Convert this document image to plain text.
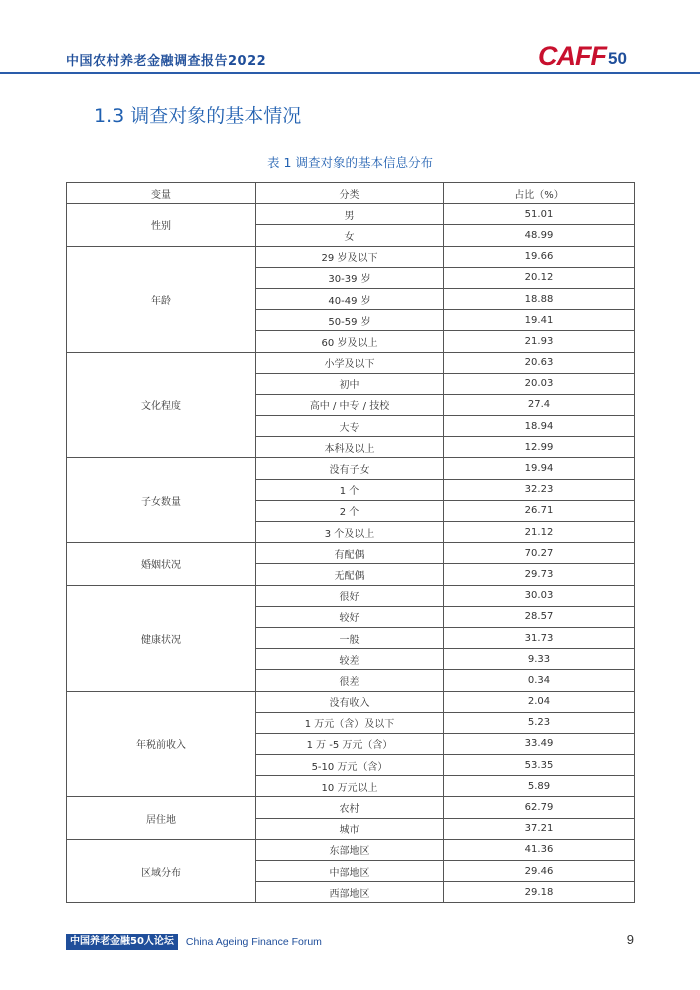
中国农村养老金融调查报告2022	CAFF 50
1.3 调查对象的基本情况
表 1 调查对象的基本信息分布
变量	分类	占比（%）
性别	男	51.01
	女	48.99
年龄	29 岁及以下	19.66
	30-39 岁	20.12
	40-49 岁	18.88
	50-59 岁	19.41
	60 岁及以上	21.93
文化程度	小学及以下	20.63
	初中	20.03
	高中 / 中专 / 技校	27.4
	大专	18.94
	本科及以上	12.99
子女数量	没有子女	19.94
	1 个	32.23
	2 个	26.71
	3 个及以上	21.12
婚姻状况	有配偶	70.27
	无配偶	29.73
健康状况	很好	30.03
	较好	28.57
	一般	31.73
	较差	9.33
	很差	0.34
年税前收入	没有收入	2.04
	1 万元（含）及以下	5.23
	1 万 -5 万元（含）	33.49
	5-10 万元（含）	53.35
	10 万元以上	5.89
居住地	农村	62.79
	城市	37.21
区域分布	东部地区	41.36
	中部地区	29.46
	西部地区	29.18
中国养老金融50人论坛	China Ageing Finance Forum	9
